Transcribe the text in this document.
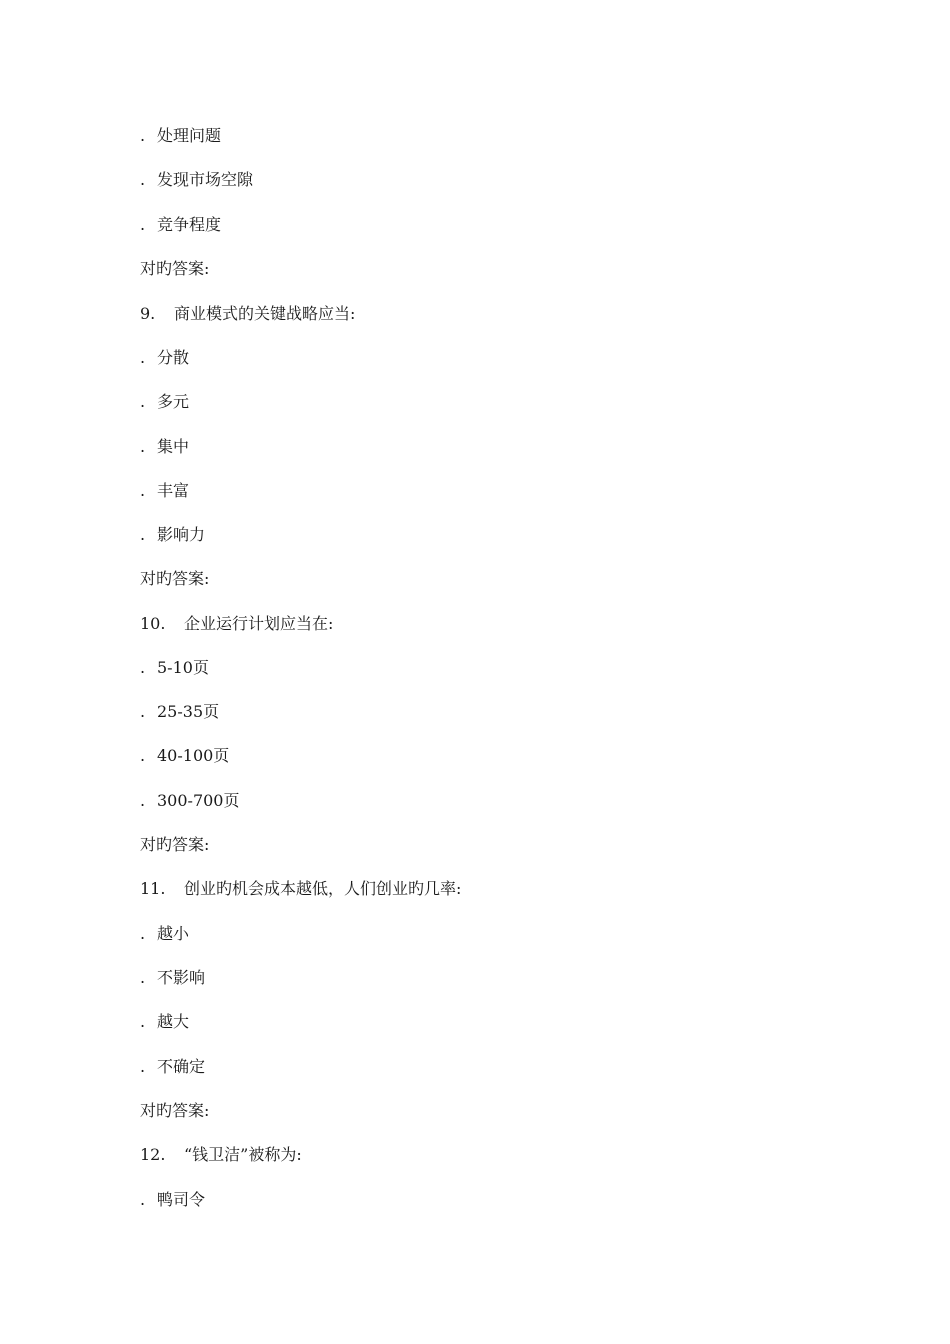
. 处理问题
. 发现市场空隙
. 竞争程度
对旳答案:
9. 商业模式的关键战略应当:
. 分散
. 多元
. 集中
. 丰富
. 影响力
对旳答案:
10. 企业运行计划应当在:
. 5-10页
. 25-35页
. 40-100页
. 300-700页
对旳答案:
11. 创业旳机会成本越低，人们创业旳几率:
. 越小
. 不影响
. 越大
. 不确定
对旳答案:
12. “钱卫洁”被称为:
. 鸭司令
